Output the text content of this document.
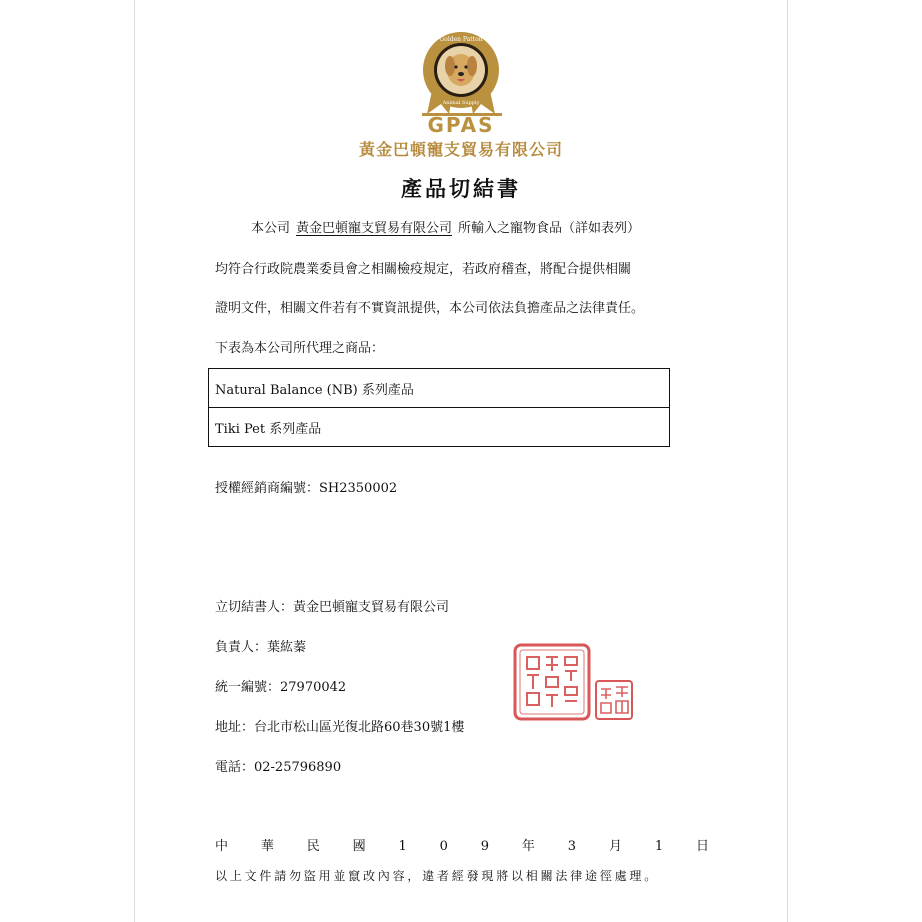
Golden Patton
Animal Supply
GPAS
黃金巴頓寵支貿易有限公司
產品切結書
本公司 黃金巴頓寵支貿易有限公司 所輸入之寵物食品（詳如表列）
均符合行政院農業委員會之相關檢疫規定，若政府稽查，將配合提供相關
證明文件，相關文件若有不實資訊提供，本公司依法負擔產品之法律責任。
下表為本公司所代理之商品：
Natural Balance (NB) 系列產品
Tiki Pet 系列產品
授權經銷商編號：SH2350002
立切結書人：黃金巴頓寵支貿易有限公司
負責人：葉紘蓁
統一編號：27970042
地址：台北市松山區光復北路60巷30號1樓
電話：02-25796890
中	華	民	國	1	0	9	年	3	月	1	日
以上文件請勿盜用並竄改內容，違者經發現將以相關法律途徑處理。
